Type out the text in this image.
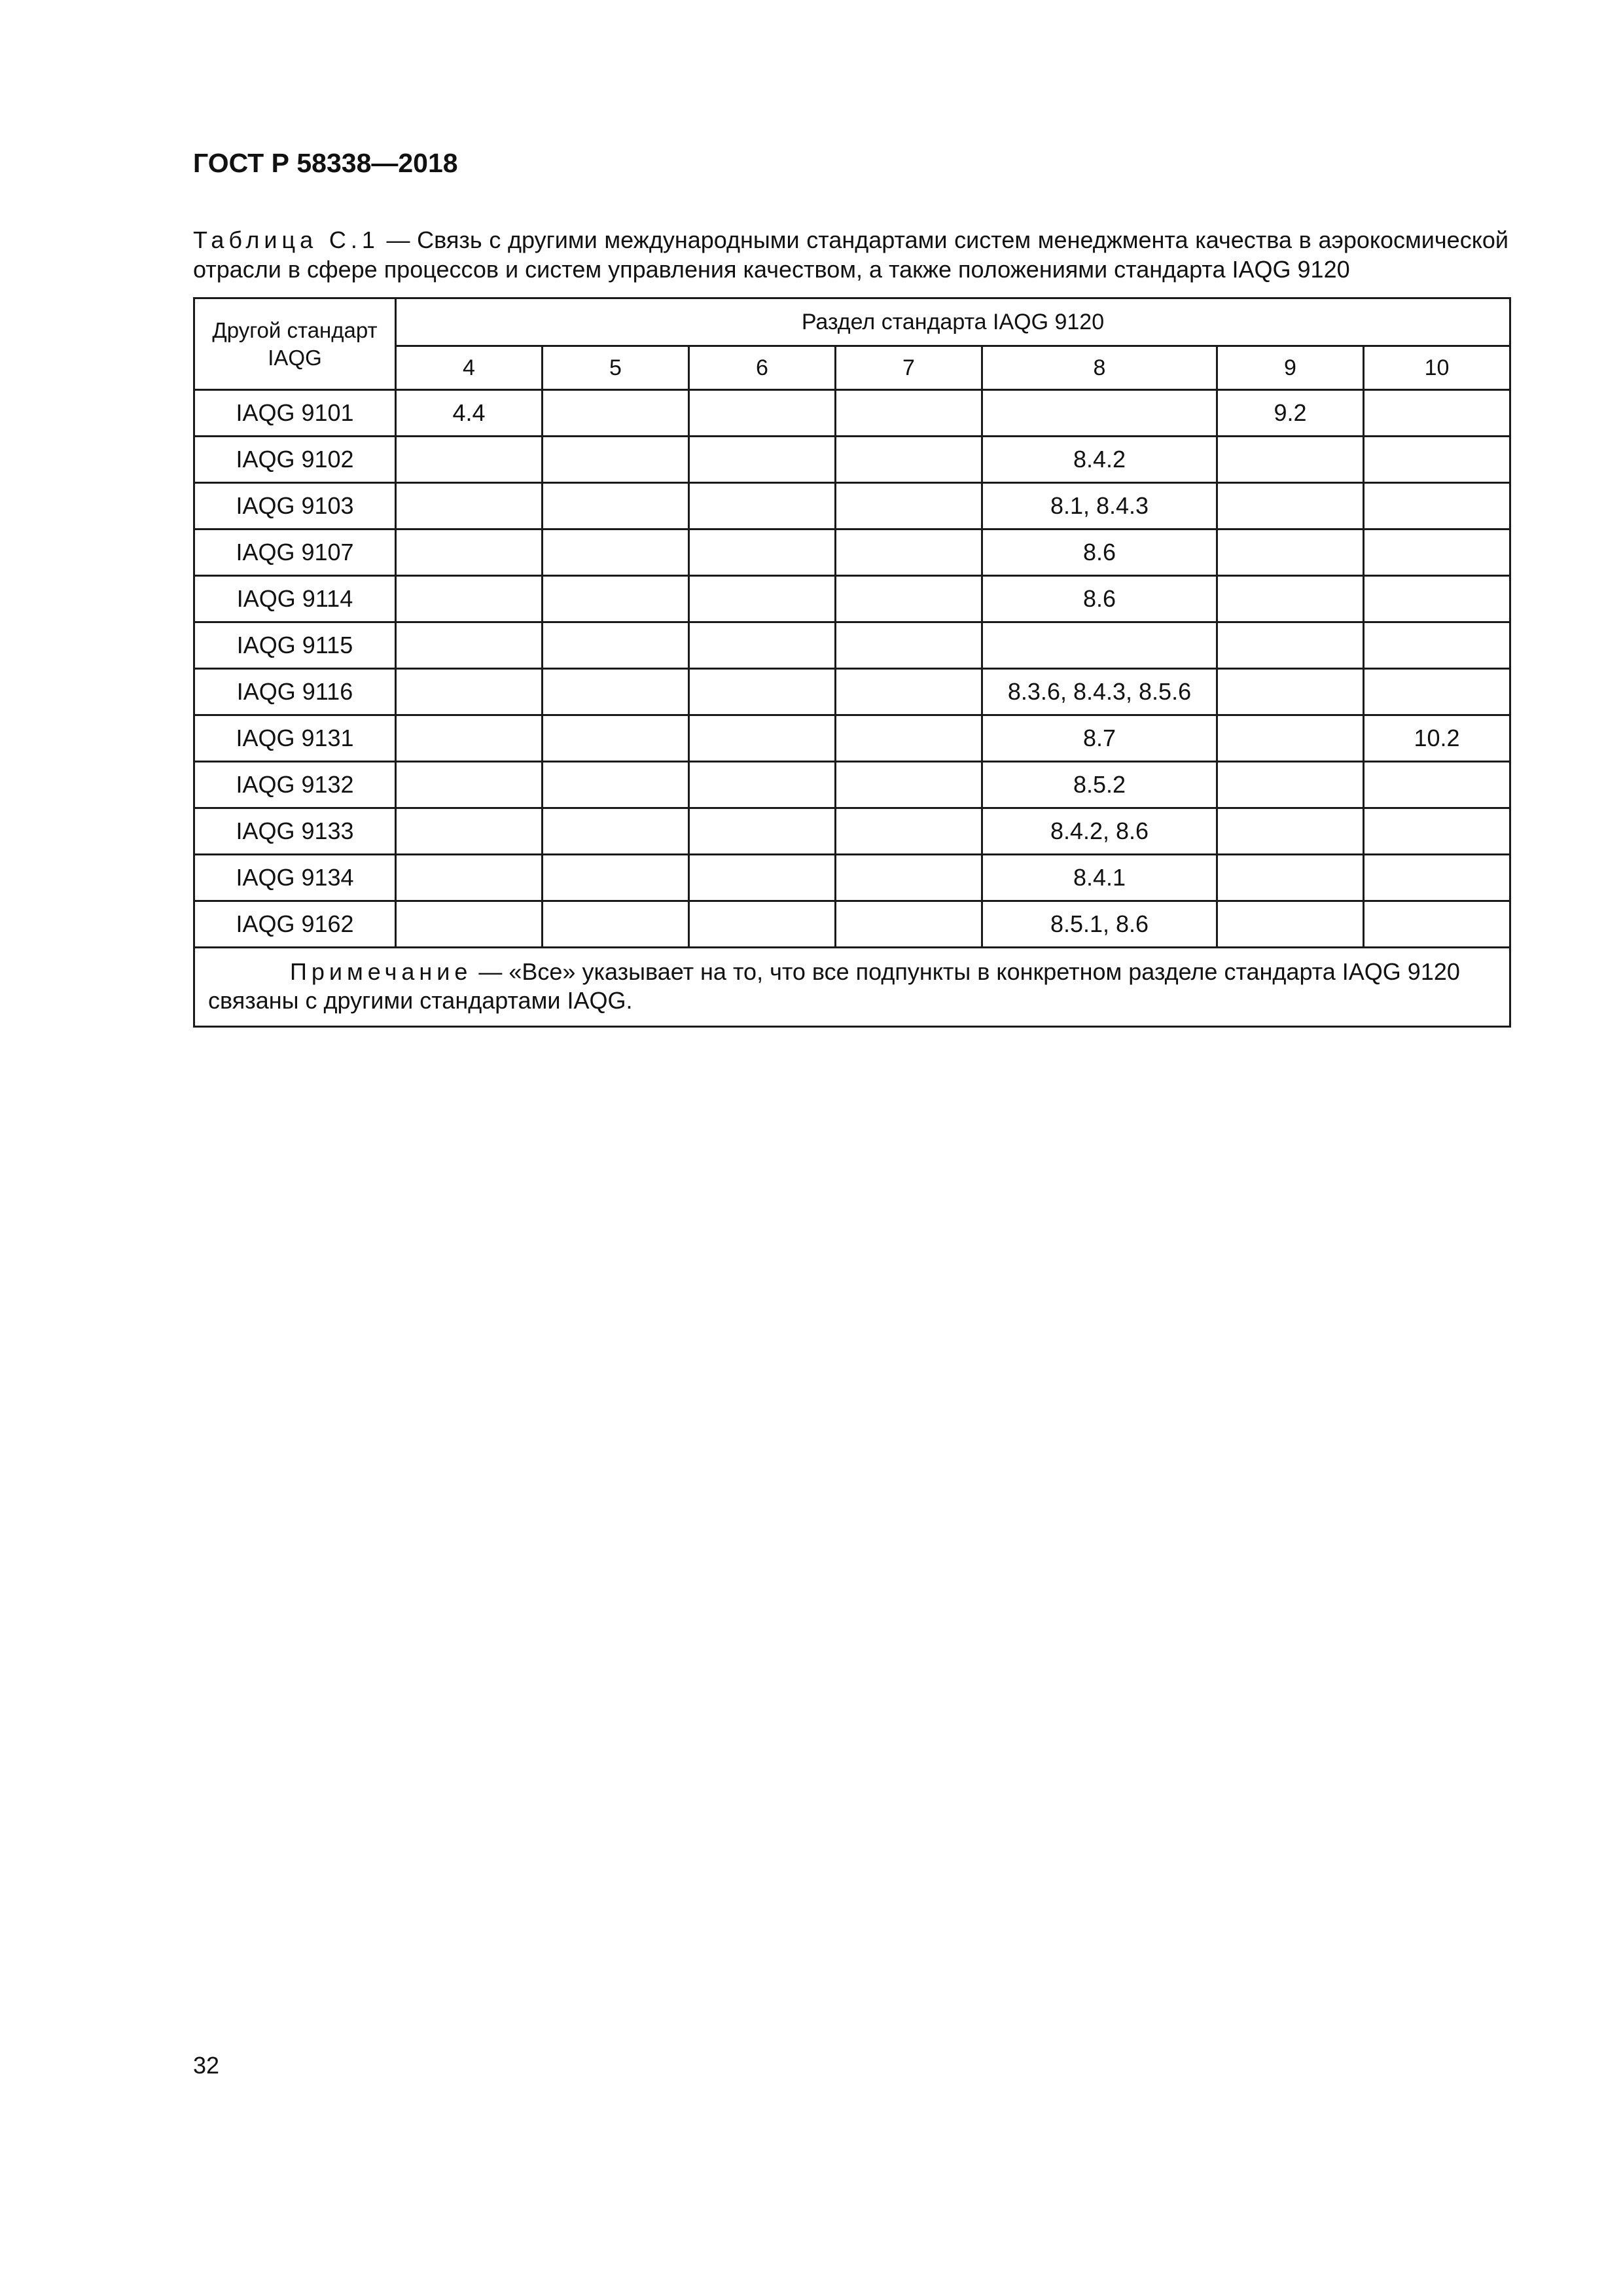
ГОСТ Р 58338—2018

Таблица С.1 — Связь с другими международными стандартами систем менеджмента качества в аэрокосмической отрасли в сфере процессов и систем управления качеством, а также положениями стандарта IAQG 9120

Другой стандарт IAQG	Раздел стандарта IAQG 9120						
	4	5	6	7	8	9	10
IAQG 9101	4.4					9.2	
IAQG 9102					8.4.2		
IAQG 9103					8.1, 8.4.3		
IAQG 9107					8.6		
IAQG 9114					8.6		
IAQG 9115							
IAQG 9116					8.3.6, 8.4.3, 8.5.6		
IAQG 9131					8.7		10.2
IAQG 9132					8.5.2		
IAQG 9133					8.4.2, 8.6		
IAQG 9134					8.4.1		
IAQG 9162					8.5.1, 8.6		
Примечание — «Все» указывает на то, что все подпункты в конкретном разделе стандарта IAQG 9120 связаны с другими стандартами IAQG.							

32
